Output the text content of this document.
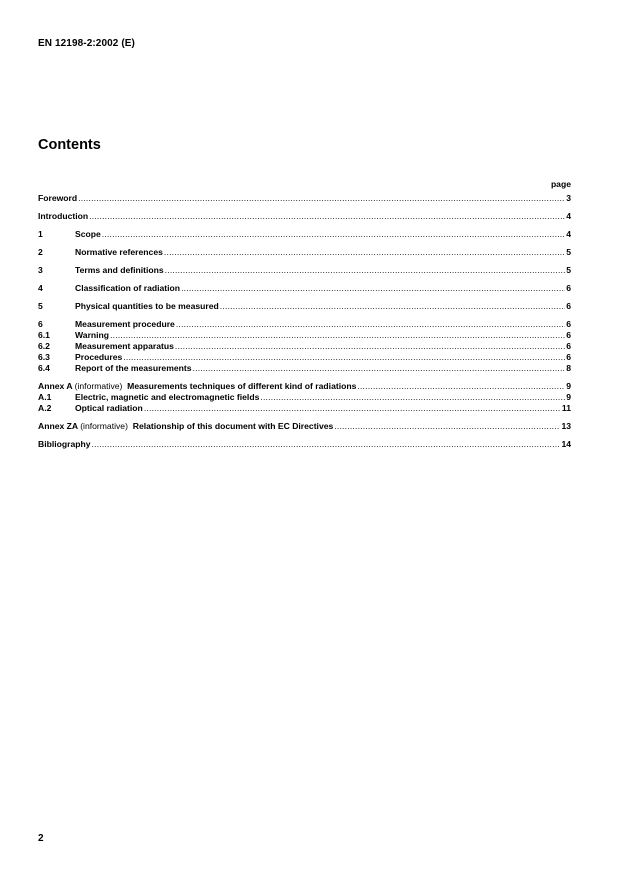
EN 12198-2:2002 (E)
Contents
page
Foreword .....	3
Introduction .....	4
1	Scope .....	4
2	Normative references .....	5
3	Terms and definitions .....	5
4	Classification of radiation .....	6
5	Physical quantities to be measured .....	6
6	Measurement procedure .....	6
6.1	Warning .....	6
6.2	Measurement apparatus .....	6
6.3	Procedures .....	6
6.4	Report of the measurements .....	8
Annex A (informative) Measurements techniques of different kind of radiations .....	9
A.1	Electric, magnetic and electromagnetic fields .....	9
A.2	Optical radiation .....	11
Annex ZA (informative) Relationship of this document with EC Directives .....	13
Bibliography .....	14
2
